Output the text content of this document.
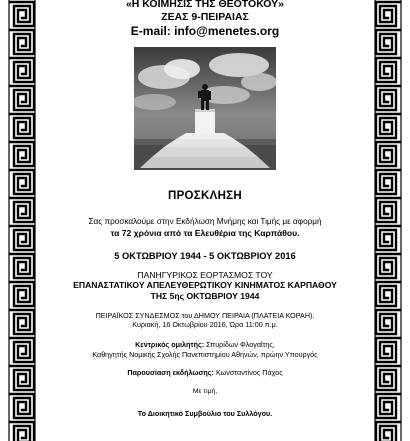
«Η ΚΟΙΜΗΣΙΣ ΤΗΣ ΘΕΟΤΟΚΟΥ»
ΖΕΑΣ 9-ΠΕΙΡΑΙΑΣ
E-mail: info@menetes.org
ΠΡΟΣΚΛΗΣΗ
Σας προσκαλούμε στην Εκδήλωση Μνήμης και Τιμής με αφορμή
τα 72 χρόνια από τα Ελευθέρια της Καρπάθου.
5 ΟΚΤΩΒΡΙΟΥ 1944 - 5 ΟΚΤΩΒΡΙΟΥ 2016
ΠΑΝΗΓΥΡΙΚΟΣ ΕΟΡΤΑΣΜΟΣ ΤΟΥ
ΕΠΑΝΑΣΤΑΤΙΚΟΥ ΑΠΕΛΕΥΘΕΡΩΤΙΚΟΥ ΚΙΝΗΜΑΤΟΣ ΚΑΡΠΑΘΟΥ
ΤΗΣ 5ης ΟΚΤΩΒΡΙΟΥ 1944
ΠΕΙΡΑΪΚΟΣ ΣΥΝΔΕΣΜΟΣ του ΔΗΜΟΥ ΠΕΙΡΑΙΑ (ΠΛΑΤΕΙΑ ΚΟΡΑΗ).
Κυριακή, 16 Οκτωβρίου 2016, Ώρα 11:00 π.μ.
Κεντρικός ομιλητής: Σπυρίδων Φλογαΐτης,
Καθηγητής Νομικής Σχολής Πανεπιστημίου Αθηνών, πρώην Υπουργός
Παρουσίαση εκδήλωσης: Κωνσταντίνος Πάχος
Με τιμή,
Το Διοικητικό Συμβούλιο του Συλλόγου.
